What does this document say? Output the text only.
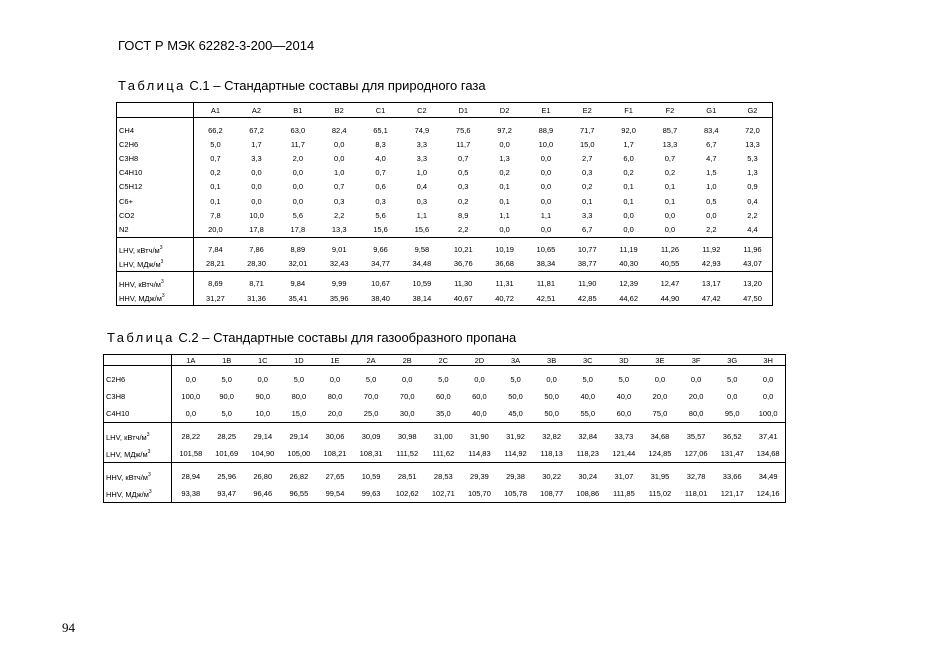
ГОСТ Р МЭК 62282-3-200—2014
Таблица С.1 – Стандартные составы для природного газа
	A1	A2	B1	B2	C1	C2	D1	D2	E1	E2	F1	F2	G1	G2

CH4	66,2	67,2	63,0	82,4	65,1	74,9	75,6	97,2	88,9	71,7	92,0	85,7	83,4	72,0
C2H6	5,0	1,7	11,7	0,0	8,3	3,3	11,7	0,0	10,0	15,0	1,7	13,3	6,7	13,3
C3H8	0,7	3,3	2,0	0,0	4,0	3,3	0,7	1,3	0,0	2,7	6,0	0,7	4,7	5,3
C4H10	0,2	0,0	0,0	1,0	0,7	1,0	0,5	0,2	0,0	0,3	0,2	0,2	1,5	1,3
C5H12	0,1	0,0	0,0	0,7	0,6	0,4	0,3	0,1	0,0	0,2	0,1	0,1	1,0	0,9
C6+	0,1	0,0	0,0	0,3	0,3	0,3	0,2	0,1	0,0	0,1	0,1	0,1	0,5	0,4
CO2	7,8	10,0	5,6	2,2	5,6	1,1	8,9	1,1	1,1	3,3	0,0	0,0	0,0	2,2
N2	20,0	17,8	17,8	13,3	15,6	15,6	2,2	0,0	0,0	6,7	0,0	0,0	2,2	4,4

LHV, кВтч/$м^3$	7,84	7,86	8,89	9,01	9,66	9,58	10,21	10,19	10,65	10,77	11,19	11,26	11,92	11,96
LHV, МДж/$м^3$	28,21	28,30	32,01	32,43	34,77	34,48	36,76	36,68	38,34	38,77	40,30	40,55	42,93	43,07

HHV, кВтч/$м^3$	8,69	8,71	9,84	9,99	10,67	10,59	11,30	11,31	11,81	11,90	12,39	12,47	13,17	13,20
HHV, МДж/$м^3$	31,27	31,36	35,41	35,96	38,40	38,14	40,67	40,72	42,51	42,85	44,62	44,90	47,42	47,50
Таблица С.2 – Стандартные составы для газообразного пропана
	1A	1B	1C	1D	1E	2A	2B	2C	2D	3A	3B	3C	3D	3E	3F	3G	3H

C2H6	0,0	5,0	0,0	5,0	0,0	5,0	0,0	5,0	0,0	5,0	0,0	5,0	5,0	0,0	0,0	5,0	0,0
C3H8	100,0	90,0	90,0	80,0	80,0	70,0	70,0	60,0	60,0	50,0	50,0	40,0	40,0	20,0	20,0	0,0	0,0
C4H10	0,0	5,0	10,0	15,0	20,0	25,0	30,0	35,0	40,0	45,0	50,0	55,0	60,0	75,0	80,0	95,0	100,0

LHV, кВтч/$м^3$	28,22	28,25	29,14	29,14	30,06	30,09	30,98	31,00	31,90	31,92	32,82	32,84	33,73	34,68	35,57	36,52	37,41
LHV, МДж/$м^3$	101,58	101,69	104,90	105,00	108,21	108,31	111,52	111,62	114,83	114,92	118,13	118,23	121,44	124,85	127,06	131,47	134,68

HHV, кВтч/$м^3$	28,94	25,96	26,80	26,82	27,65	10,59	28,51	28,53	29,39	29,38	30,22	30,24	31,07	31,95	32,78	33,66	34,49
HHV, МДж/$м^3$	93,38	93,47	96,46	96,55	99,54	99,63	102,62	102,71	105,70	105,78	108,77	108,86	111,85	115,02	118,01	121,17	124,16
94
